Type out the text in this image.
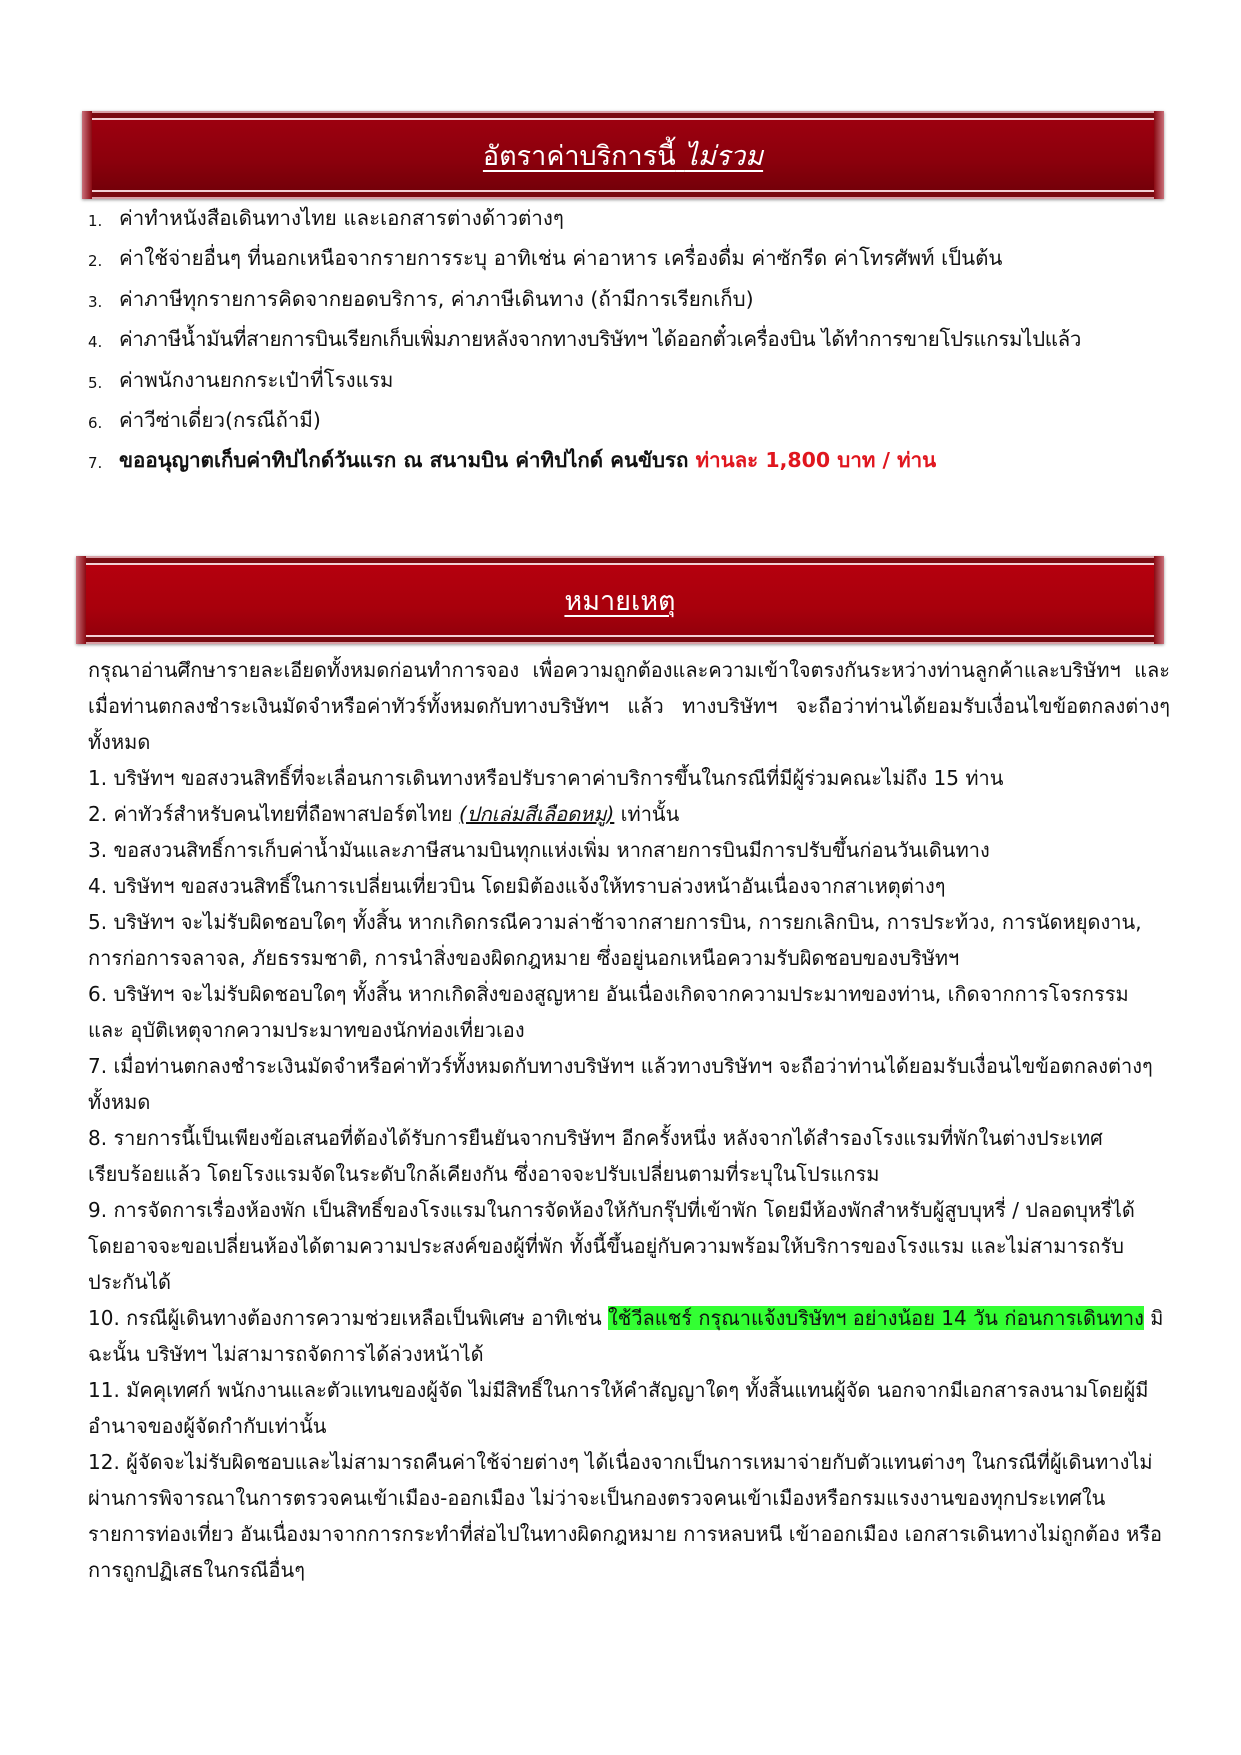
อัตราค่าบริการนี้ ไม่รวม
1. ค่าทำหนังสือเดินทางไทย และเอกสารต่างด้าวต่างๆ
2. ค่าใช้จ่ายอื่นๆ ที่นอกเหนือจากรายการระบุ อาทิเช่น ค่าอาหาร เครื่องดื่ม ค่าซักรีด ค่าโทรศัพท์ เป็นต้น
3. ค่าภาษีทุกรายการคิดจากยอดบริการ, ค่าภาษีเดินทาง (ถ้ามีการเรียกเก็บ)
4. ค่าภาษีน้ำมันที่สายการบินเรียกเก็บเพิ่มภายหลังจากทางบริษัทฯ ได้ออกตั๋วเครื่องบิน ได้ทำการขายโปรแกรมไปแล้ว
5. ค่าพนักงานยกกระเป๋าที่โรงแรม
6. ค่าวีซ่าเดี่ยว(กรณีถ้ามี)
7. ขออนุญาตเก็บค่าทิปไกด์วันแรก ณ สนามบิน ค่าทิปไกด์ คนขับรถ ท่านละ 1,800 บาท / ท่าน
หมายเหตุ

กรุณาอ่านศึกษารายละเอียดทั้งหมดก่อนทำการจอง เพื่อความถูกต้องและความเข้าใจตรงกันระหว่างท่านลูกค้าและบริษัทฯ และเมื่อท่านตกลงชำระเงินมัดจำหรือค่าทัวร์ทั้งหมดกับทางบริษัทฯ แล้ว ทางบริษัทฯ จะถือว่าท่านได้ยอมรับเงื่อนไขข้อตกลงต่างๆ ทั้งหมด

1. บริษัทฯ ขอสงวนสิทธิ์ที่จะเลื่อนการเดินทางหรือปรับราคาค่าบริการขึ้นในกรณีที่มีผู้ร่วมคณะไม่ถึง 15 ท่าน

2. ค่าทัวร์สำหรับคนไทยที่ถือพาสปอร์ตไทย (ปกเล่มสีเลือดหมู) เท่านั้น

3. ขอสงวนสิทธิ์การเก็บค่าน้ำมันและภาษีสนามบินทุกแห่งเพิ่ม หากสายการบินมีการปรับขึ้นก่อนวันเดินทาง

4. บริษัทฯ ขอสงวนสิทธิ์ในการเปลี่ยนเที่ยวบิน โดยมิต้องแจ้งให้ทราบล่วงหน้าอันเนื่องจากสาเหตุต่างๆ

5. บริษัทฯ จะไม่รับผิดชอบใดๆ ทั้งสิ้น หากเกิดกรณีความล่าช้าจากสายการบิน, การยกเลิกบิน, การประท้วง, การนัดหยุดงาน,

การก่อการจลาจล, ภัยธรรมชาติ, การนำสิ่งของผิดกฎหมาย ซึ่งอยู่นอกเหนือความรับผิดชอบของบริษัทฯ

6. บริษัทฯ จะไม่รับผิดชอบใดๆ ทั้งสิ้น หากเกิดสิ่งของสูญหาย อันเนื่องเกิดจากความประมาทของท่าน, เกิดจากการโจรกรรม และ อุบัติเหตุจากความประมาทของนักท่องเที่ยวเอง

7. เมื่อท่านตกลงชำระเงินมัดจำหรือค่าทัวร์ทั้งหมดกับทางบริษัทฯ แล้วทางบริษัทฯ จะถือว่าท่านได้ยอมรับเงื่อนไขข้อตกลงต่างๆ ทั้งหมด

8. รายการนี้เป็นเพียงข้อเสนอที่ต้องได้รับการยืนยันจากบริษัทฯ อีกครั้งหนึ่ง หลังจากได้สำรองโรงแรมที่พักในต่างประเทศเรียบร้อยแล้ว โดยโรงแรมจัดในระดับใกล้เคียงกัน ซึ่งอาจจะปรับเปลี่ยนตามที่ระบุในโปรแกรม

9. การจัดการเรื่องห้องพัก เป็นสิทธิ์ของโรงแรมในการจัดห้องให้กับกรุ๊ปที่เข้าพัก โดยมีห้องพักสำหรับผู้สูบบุหรี่ / ปลอดบุหรี่ได้ โดยอาจจะขอเปลี่ยนห้องได้ตามความประสงค์ของผู้ที่พัก ทั้งนี้ขึ้นอยู่กับความพร้อมให้บริการของโรงแรม และไม่สามารถรับประกันได้

10. กรณีผู้เดินทางต้องการความช่วยเหลือเป็นพิเศษ อาทิเช่น ใช้วีลแชร์ กรุณาแจ้งบริษัทฯ อย่างน้อย 14 วัน ก่อนการเดินทาง มิฉะนั้น บริษัทฯ ไม่สามารถจัดการได้ล่วงหน้าได้

11. มัคคุเทศก์ พนักงานและตัวแทนของผู้จัด ไม่มีสิทธิ์ในการให้คำสัญญาใดๆ ทั้งสิ้นแทนผู้จัด นอกจากมีเอกสารลงนามโดยผู้มีอำนาจของผู้จัดกำกับเท่านั้น

12. ผู้จัดจะไม่รับผิดชอบและไม่สามารถคืนค่าใช้จ่ายต่างๆ ได้เนื่องจากเป็นการเหมาจ่ายกับตัวแทนต่างๆ ในกรณีที่ผู้เดินทางไม่ผ่านการพิจารณาในการตรวจคนเข้าเมือง-ออกเมือง ไม่ว่าจะเป็นกองตรวจคนเข้าเมืองหรือกรมแรงงานของทุกประเทศในรายการท่องเที่ยว อันเนื่องมาจากการกระทำที่ส่อไปในทางผิดกฎหมาย การหลบหนี เข้าออกเมือง เอกสารเดินทางไม่ถูกต้อง หรือ การถูกปฏิเสธในกรณีอื่นๆ
